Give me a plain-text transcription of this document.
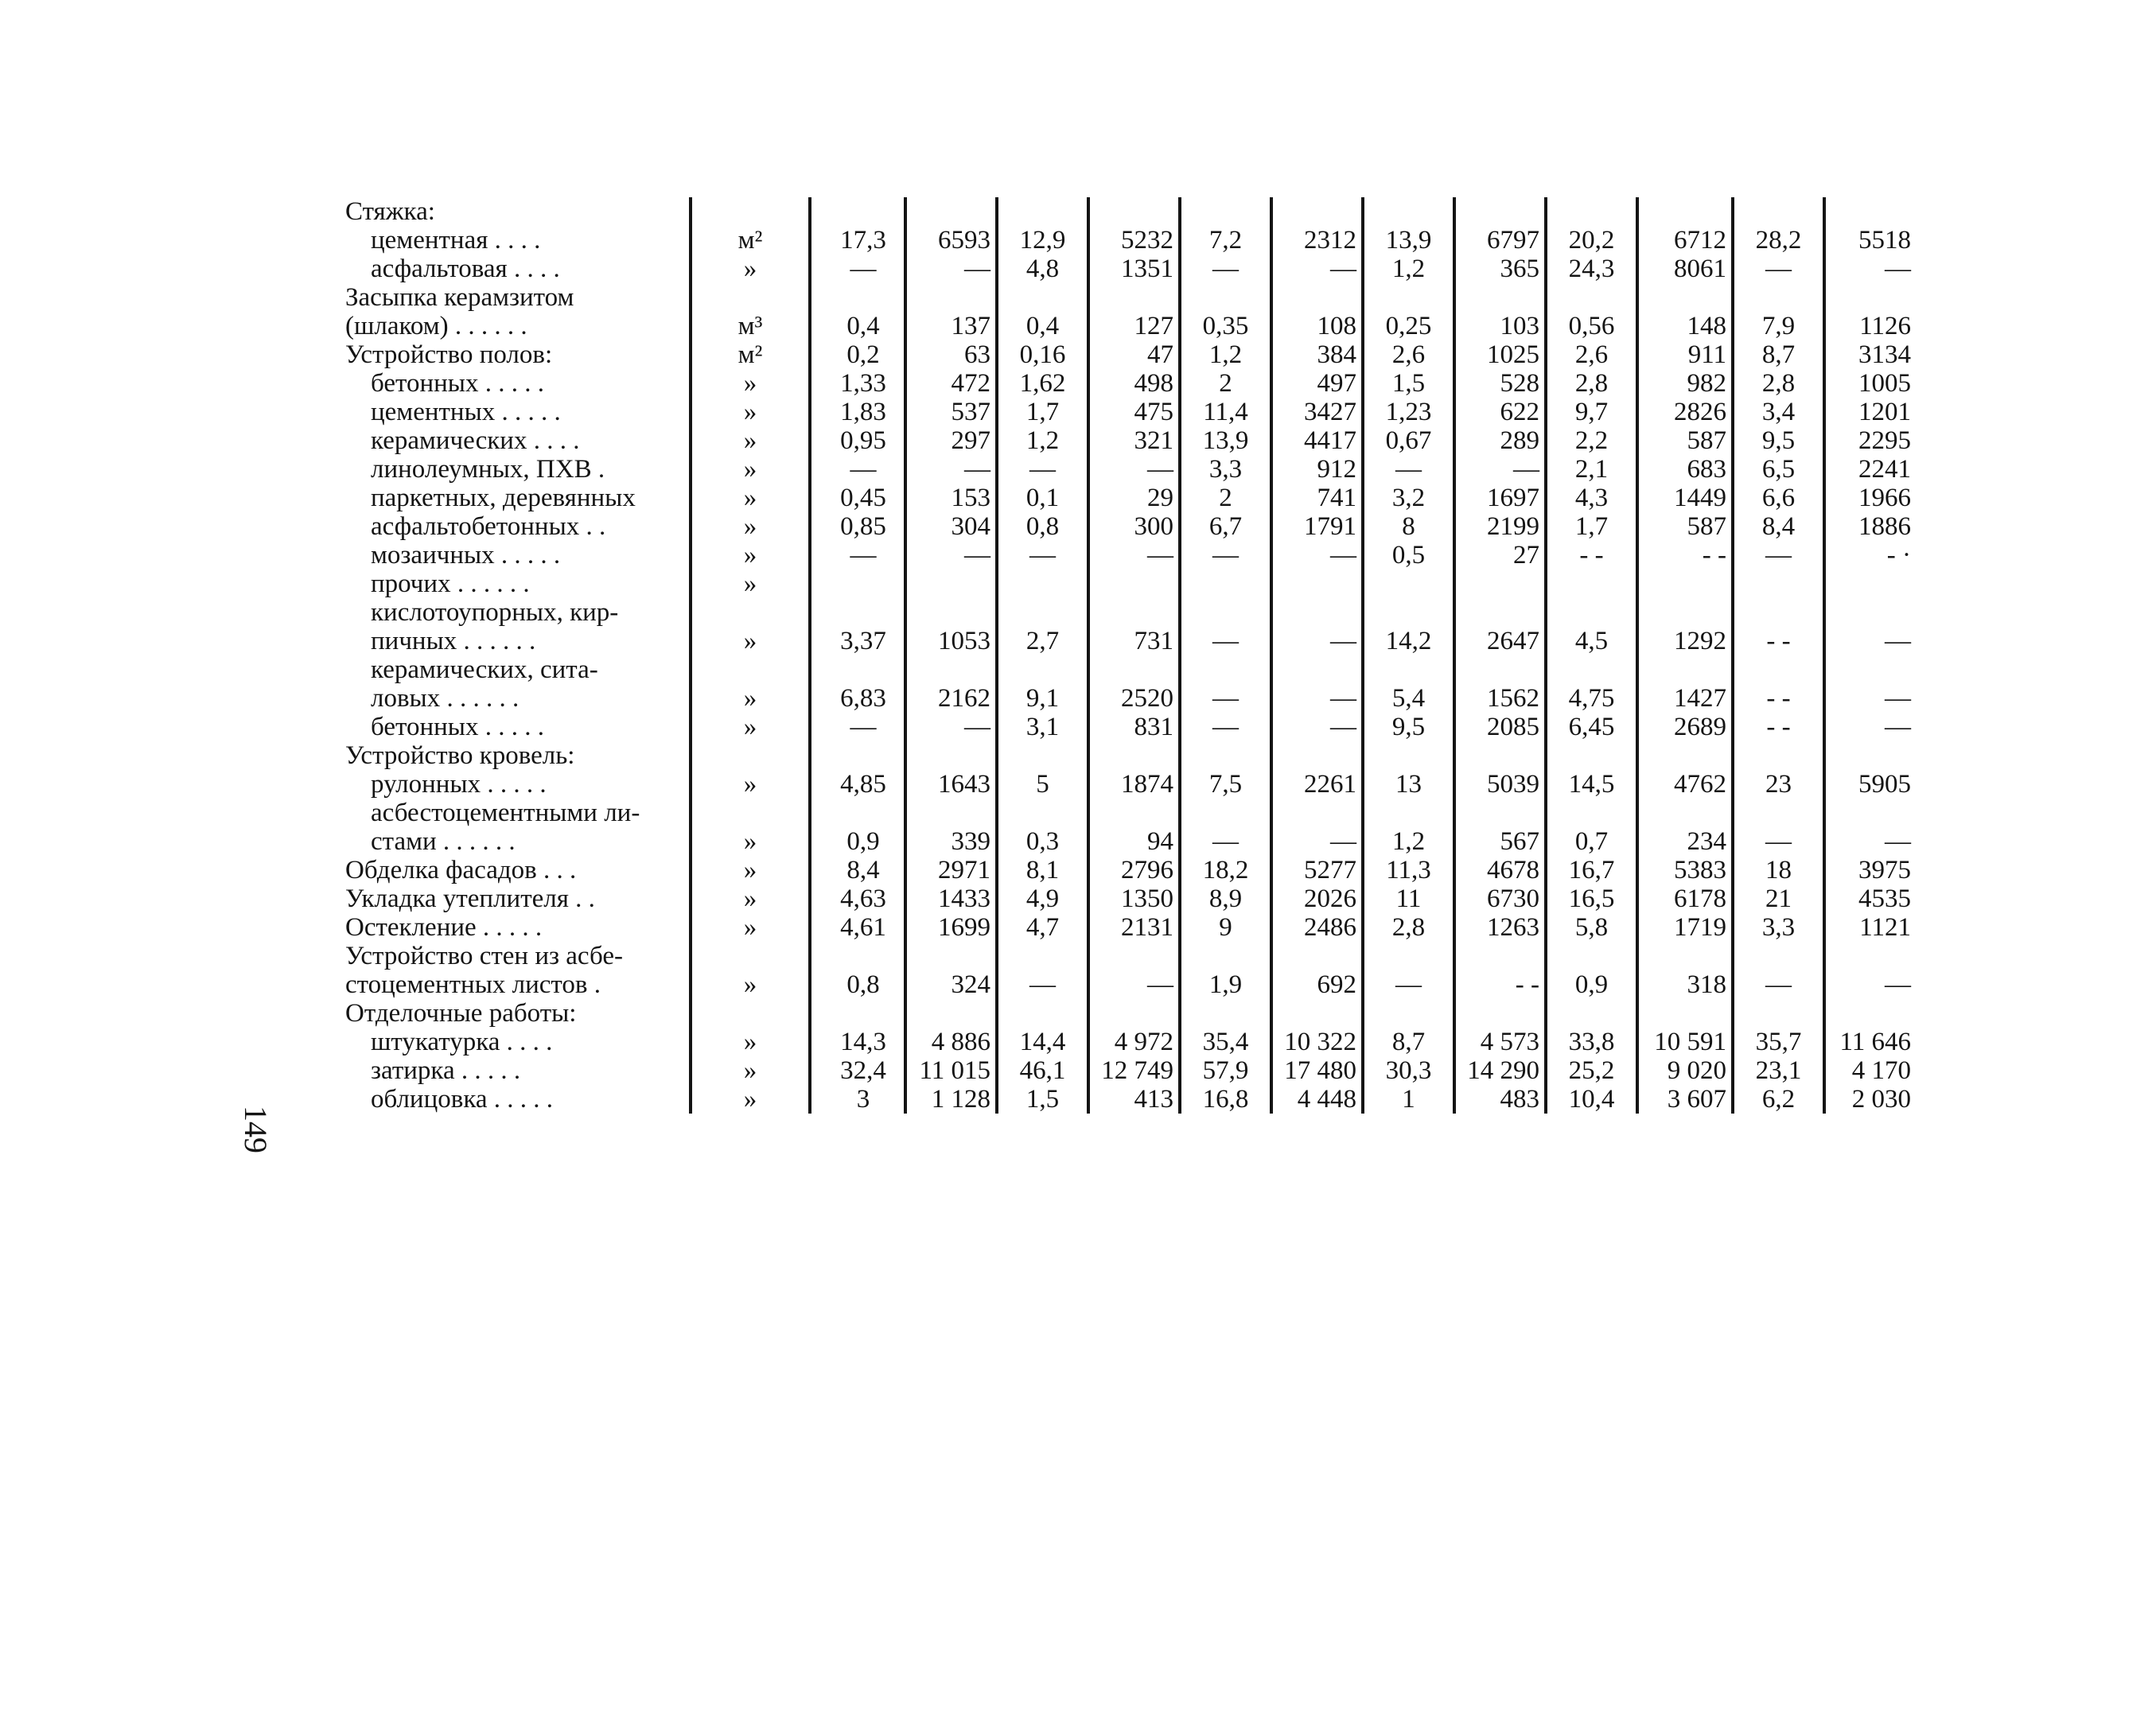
149
Стяжка:													
цементная . . . .	м²	17,3	6593	12,9	5232	7,2	2312	13,9	6797	20,2	6712	28,2	5518
асфальтовая . . . .	»	—	—	4,8	1351	—	—	1,2	365	24,3	8061	—	—
Засыпка керамзитом													
(шлаком) . . . . . .	м³	0,4	137	0,4	127	0,35	108	0,25	103	0,56	148	7,9	1126
Устройство полов:	м²	0,2	63	0,16	47	1,2	384	2,6	1025	2,6	911	8,7	3134
бетонных . . . . .	»	1,33	472	1,62	498	2	497	1,5	528	2,8	982	2,8	1005
цементных . . . . .	»	1,83	537	1,7	475	11,4	3427	1,23	622	9,7	2826	3,4	1201
керамических . . . .	»	0,95	297	1,2	321	13,9	4417	0,67	289	2,2	587	9,5	2295
линолеумных, ПХВ .	»	—	—	—	—	3,3	912	—	—	2,1	683	6,5	2241
паркетных, деревянных	»	0,45	153	0,1	29	2	741	3,2	1697	4,3	1449	6,6	1966
асфальтобетонных . .	»	0,85	304	0,8	300	6,7	1791	8	2199	1,7	587	8,4	1886
мозаичных . . . . .	»	—	—	—	—	—	—	0,5	27	- -	- -	—	- ·
прочих . . . . . .	»												
кислотоупорных, кир-													
пичных . . . . . .	»	3,37	1053	2,7	731	—	—	14,2	2647	4,5	1292	- -	—
керамических, сита-													
ловых . . . . . .	»	6,83	2162	9,1	2520	—	—	5,4	1562	4,75	1427	- -	—
бетонных . . . . .	»	—	—	3,1	831	—	—	9,5	2085	6,45	2689	- -	—
Устройство кровель:													
рулонных . . . . .	»	4,85	1643	5	1874	7,5	2261	13	5039	14,5	4762	23	5905
асбестоцементными ли-													
стами . . . . . .	»	0,9	339	0,3	94	—	—	1,2	567	0,7	234	—	—
Обделка фасадов . . .	»	8,4	2971	8,1	2796	18,2	5277	11,3	4678	16,7	5383	18	3975
Укладка утеплителя . .	»	4,63	1433	4,9	1350	8,9	2026	11	6730	16,5	6178	21	4535
Остекление . . . . .	»	4,61	1699	4,7	2131	9	2486	2,8	1263	5,8	1719	3,3	1121
Устройство стен из асбе-													
стоцементных листов .	»	0,8	324	—	—	1,9	692	—	- -	0,9	318	—	—
Отделочные работы:													
штукатурка . . . .	»	14,3	4 886	14,4	4 972	35,4	10 322	8,7	4 573	33,8	10 591	35,7	11 646
затирка . . . . .	»	32,4	11 015	46,1	12 749	57,9	17 480	30,3	14 290	25,2	9 020	23,1	4 170
облицовка . . . . .	»	3	1 128	1,5	413	16,8	4 448	1	483	10,4	3 607	6,2	2 030
